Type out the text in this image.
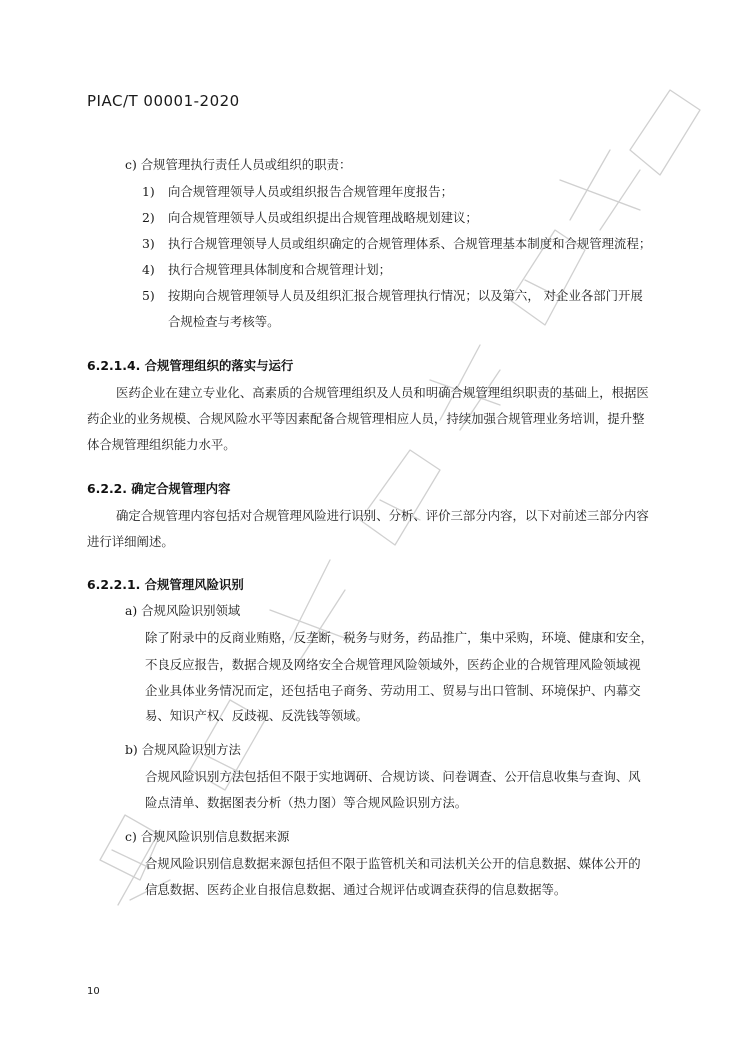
PIAC/T 00001-2020
c) 合规管理执行责任人员或组织的职责：
1) 向合规管理领导人员或组织报告合规管理年度报告；
2) 向合规管理领导人员或组织提出合规管理战略规划建议；
3) 执行合规管理领导人员或组织确定的合规管理体系、合规管理基本制度和合规管理流程；
4) 执行合规管理具体制度和合规管理计划；
5) 按期向合规管理领导人员及组织汇报合规管理执行情况；以及第六， 对企业各部门开展
合规检查与考核等。
6.2.1.4. 合规管理组织的落实与运行
医药企业在建立专业化、高素质的合规管理组织及人员和明确合规管理组织职责的基础上，根据医
药企业的业务规模、合规风险水平等因素配备合规管理相应人员，持续加强合规管理业务培训，提升整
体合规管理组织能力水平。
6.2.2. 确定合规管理内容
确定合规管理内容包括对合规管理风险进行识别、分析、评价三部分内容，以下对前述三部分内容
进行详细阐述。
6.2.2.1. 合规管理风险识别
a) 合规风险识别领域
除了附录中的反商业贿赂，反垄断，税务与财务，药品推广，集中采购，环境、健康和安全，
不良反应报告，数据合规及网络安全合规管理风险领域外，医药企业的合规管理风险领域视
企业具体业务情况而定，还包括电子商务、劳动用工、贸易与出口管制、环境保护、内幕交
易、知识产权、反歧视、反洗钱等领域。
b) 合规风险识别方法
合规风险识别方法包括但不限于实地调研、合规访谈、问卷调查、公开信息收集与查询、风
险点清单、数据图表分析（热力图）等合规风险识别方法。
c) 合规风险识别信息数据来源
合规风险识别信息数据来源包括但不限于监管机关和司法机关公开的信息数据、媒体公开的
信息数据、医药企业自报信息数据、通过合规评估或调查获得的信息数据等。
10
